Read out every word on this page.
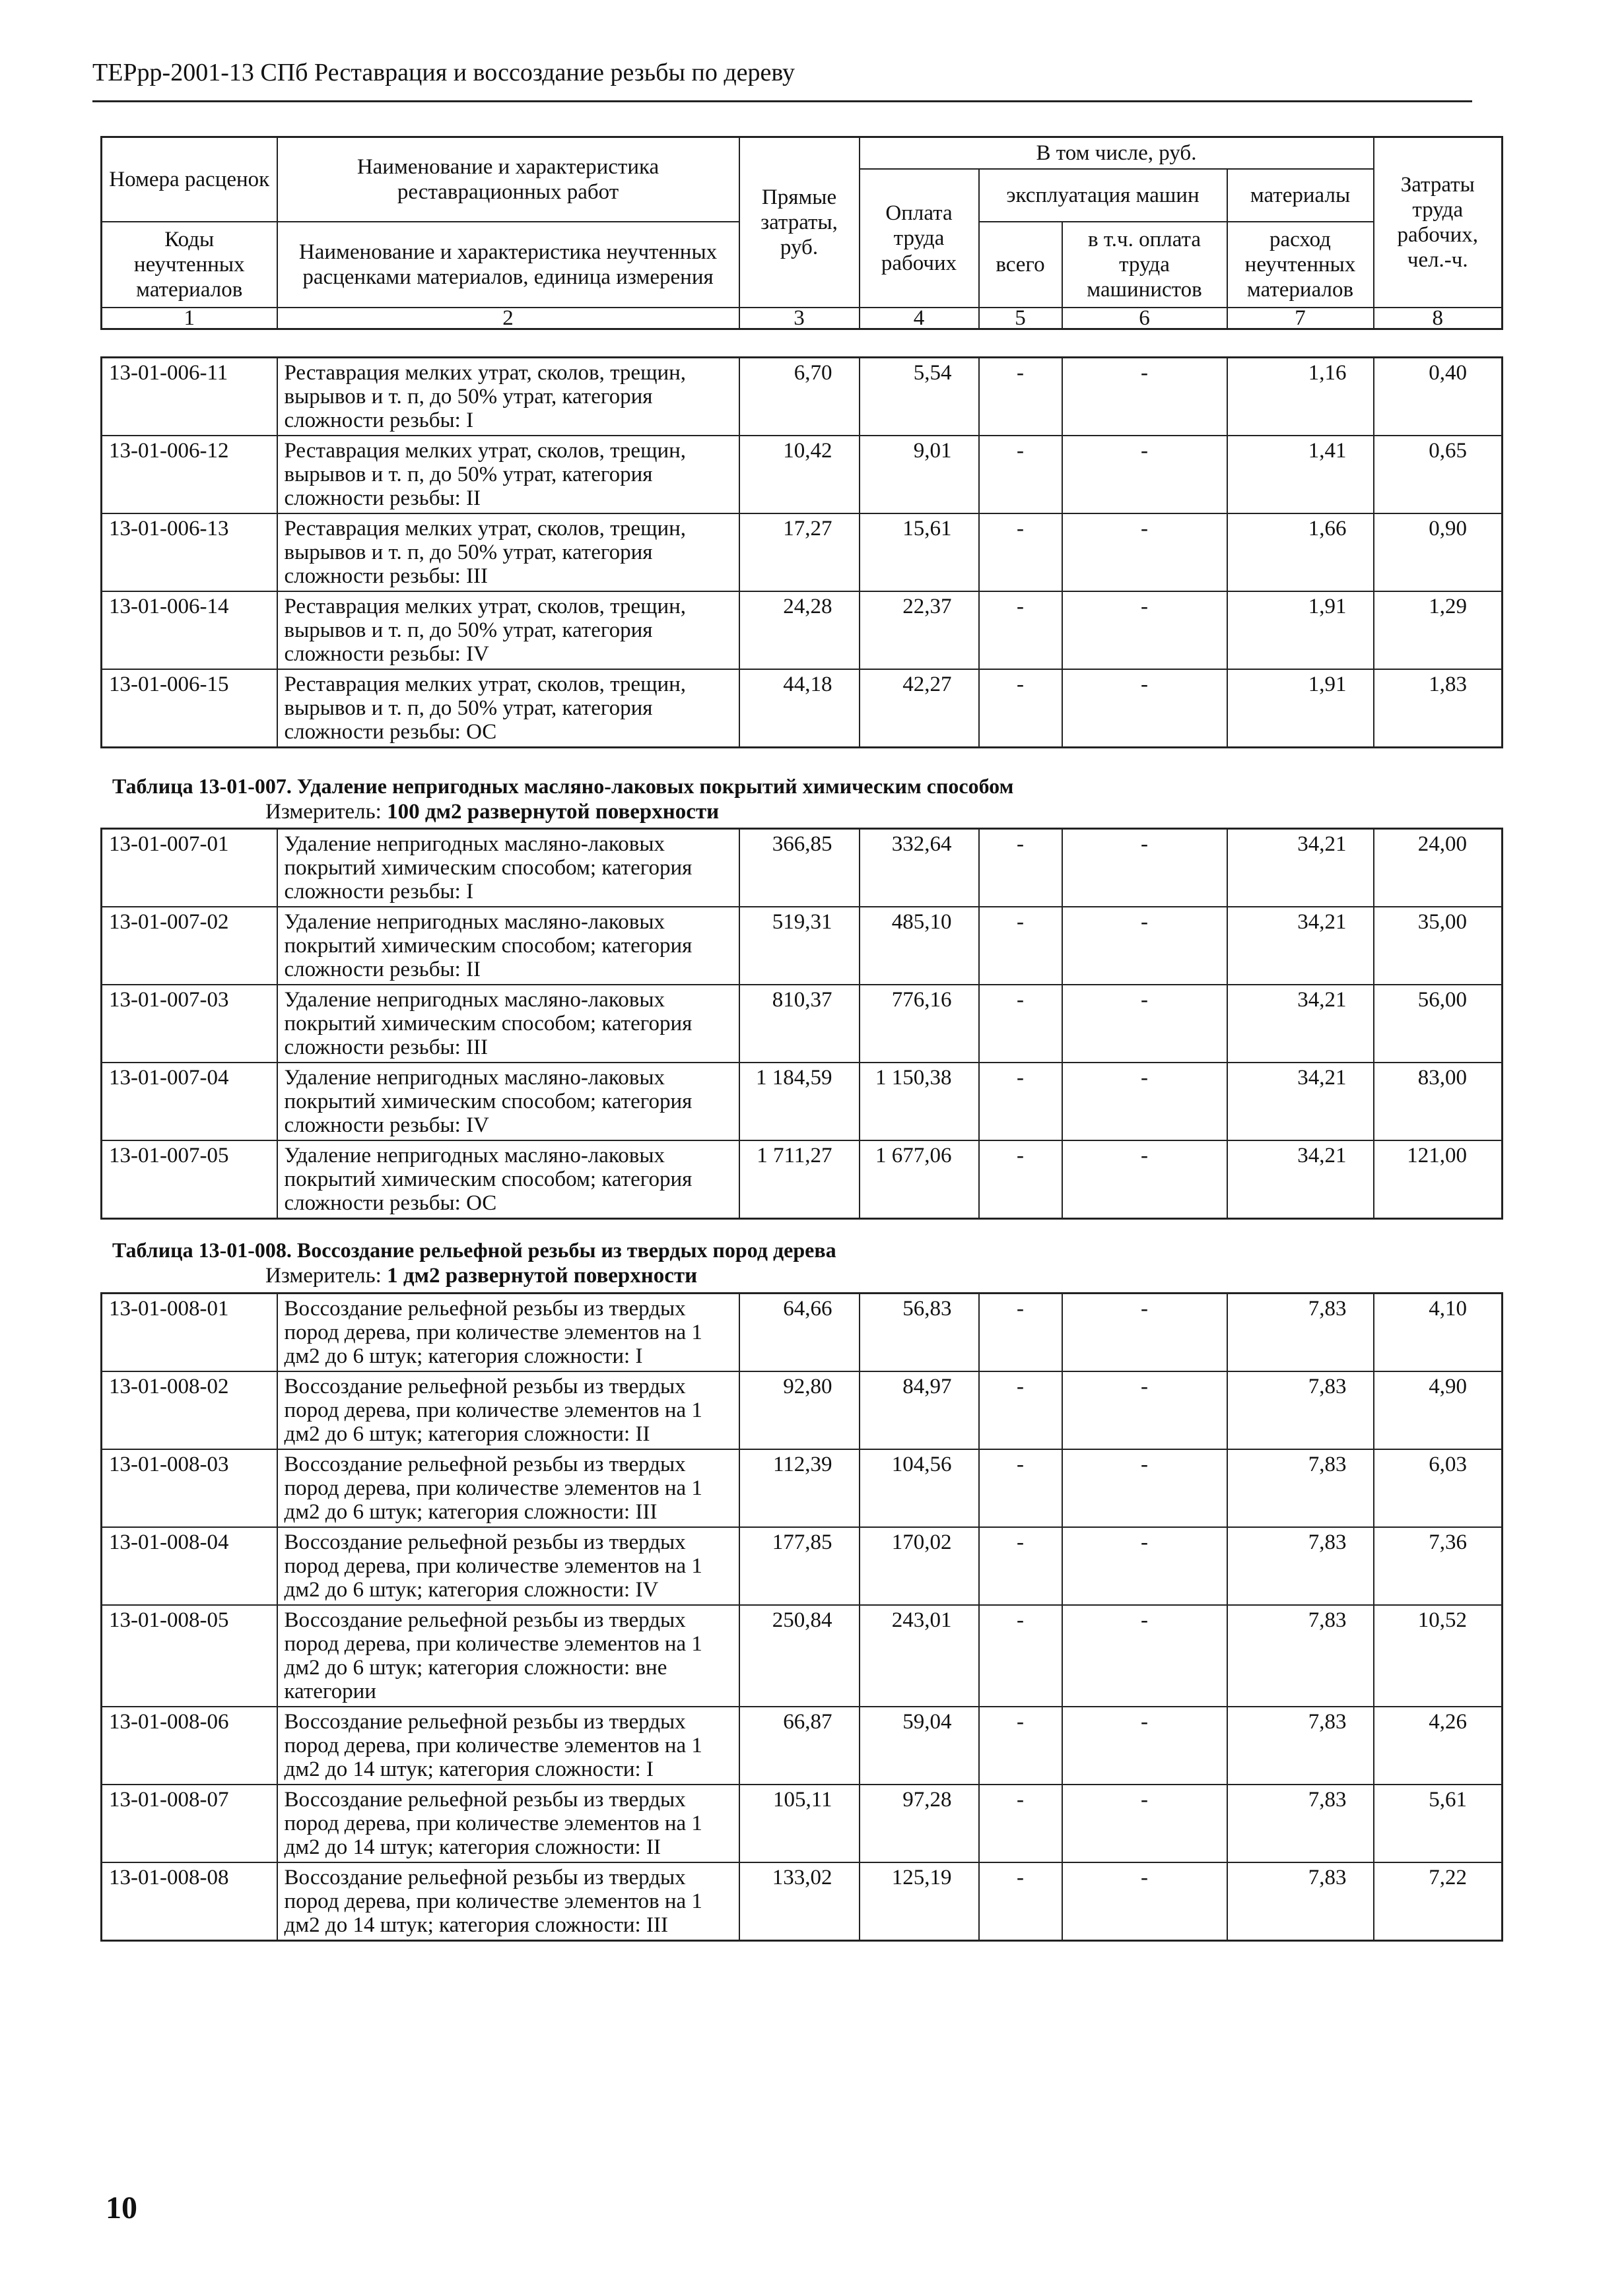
ТЕРрр-2001-13 СПб Реставрация и воссоздание резьбы по дереву
Номера расценок	Наименование и характеристика реставрационных работ	Прямые затраты, руб.	В том числе, руб.				Затраты труда рабочих, чел.-ч.
			Оплата труда рабочих	эксплуатация машин		материалы	
Коды неучтенных материалов	Наименование и характеристика неучтенных расценками материалов, единица измерения			всего	в т.ч. оплата труда машинистов	расход неучтенных материалов	
1	2	3	4	5	6	7	8
13-01-006-11	Реставрация мелких утрат, сколов, трещин, вырывов и т. п, до 50% утрат, категория сложности резьбы: I	6,70	5,54	-	-	1,16	0,40
13-01-006-12	Реставрация мелких утрат, сколов, трещин, вырывов и т. п, до 50% утрат, категория сложности резьбы: II	10,42	9,01	-	-	1,41	0,65
13-01-006-13	Реставрация мелких утрат, сколов, трещин, вырывов и т. п, до 50% утрат, категория сложности резьбы: III	17,27	15,61	-	-	1,66	0,90
13-01-006-14	Реставрация мелких утрат, сколов, трещин, вырывов и т. п, до 50% утрат, категория сложности резьбы: IV	24,28	22,37	-	-	1,91	1,29
13-01-006-15	Реставрация мелких утрат, сколов, трещин, вырывов и т. п, до 50% утрат, категория сложности резьбы: ОС	44,18	42,27	-	-	1,91	1,83
Таблица 13-01-007. Удаление непригодных масляно-лаковых покрытий химическим способом
Измеритель: 100 дм2 развернутой поверхности
13-01-007-01	Удаление непригодных масляно-лаковых покрытий химическим способом; категория сложности резьбы: I	366,85	332,64	-	-	34,21	24,00
13-01-007-02	Удаление непригодных масляно-лаковых покрытий химическим способом; категория сложности резьбы: II	519,31	485,10	-	-	34,21	35,00
13-01-007-03	Удаление непригодных масляно-лаковых покрытий химическим способом; категория сложности резьбы: III	810,37	776,16	-	-	34,21	56,00
13-01-007-04	Удаление непригодных масляно-лаковых покрытий химическим способом; категория сложности резьбы: IV	1 184,59	1 150,38	-	-	34,21	83,00
13-01-007-05	Удаление непригодных масляно-лаковых покрытий химическим способом; категория сложности резьбы: ОС	1 711,27	1 677,06	-	-	34,21	121,00
Таблица 13-01-008. Воссоздание рельефной резьбы из твердых пород дерева
Измеритель: 1 дм2 развернутой поверхности
13-01-008-01	Воссоздание рельефной резьбы из твердых пород дерева, при количестве элементов на 1 дм2 до 6 штук; категория сложности: I	64,66	56,83	-	-	7,83	4,10
13-01-008-02	Воссоздание рельефной резьбы из твердых пород дерева, при количестве элементов на 1 дм2 до 6 штук; категория сложности: II	92,80	84,97	-	-	7,83	4,90
13-01-008-03	Воссоздание рельефной резьбы из твердых пород дерева, при количестве элементов на 1 дм2 до 6 штук; категория сложности: III	112,39	104,56	-	-	7,83	6,03
13-01-008-04	Воссоздание рельефной резьбы из твердых пород дерева, при количестве элементов на 1 дм2 до 6 штук; категория сложности: IV	177,85	170,02	-	-	7,83	7,36
13-01-008-05	Воссоздание рельефной резьбы из твердых пород дерева, при количестве элементов на 1 дм2 до 6 штук; категория сложности: вне категории	250,84	243,01	-	-	7,83	10,52
13-01-008-06	Воссоздание рельефной резьбы из твердых пород дерева, при количестве элементов на 1 дм2 до 14 штук; категория сложности: I	66,87	59,04	-	-	7,83	4,26
13-01-008-07	Воссоздание рельефной резьбы из твердых пород дерева, при количестве элементов на 1 дм2 до 14 штук; категория сложности: II	105,11	97,28	-	-	7,83	5,61
13-01-008-08	Воссоздание рельефной резьбы из твердых пород дерева, при количестве элементов на 1 дм2 до 14 штук; категория сложности: III	133,02	125,19	-	-	7,83	7,22
10
